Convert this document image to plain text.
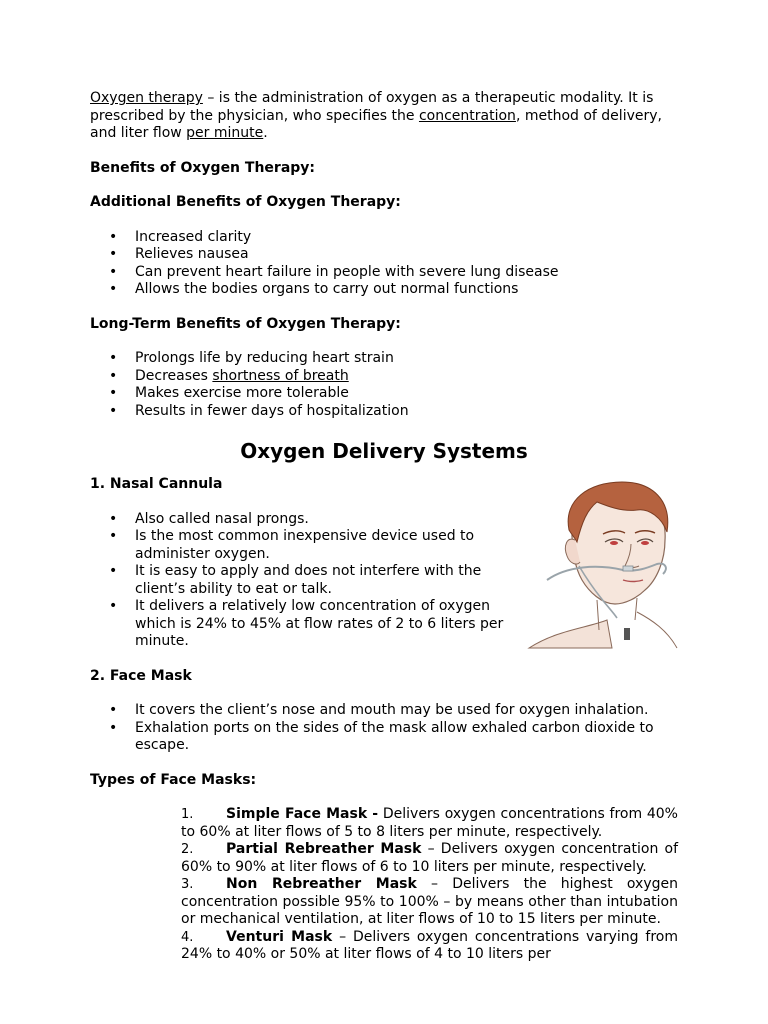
Oxygen therapy – is the administration of oxygen as a therapeutic modality. It is prescribed by the physician, who specifies the concentration, method of delivery, and liter flow per minute.

Benefits of Oxygen Therapy:

Additional Benefits of Oxygen Therapy:

• Increased clarity
• Relieves nausea
• Can prevent heart failure in people with severe lung disease
• Allows the bodies organs to carry out normal functions

Long-Term Benefits of Oxygen Therapy:

• Prolongs life by reducing heart strain
• Decreases shortness of breath
• Makes exercise more tolerable
• Results in fewer days of hospitalization

Oxygen Delivery Systems

1. Nasal Cannula

• Also called nasal prongs.
• Is the most common inexpensive device used to administer oxygen.
• It is easy to apply and does not interfere with the client’s ability to eat or talk.
• It delivers a relatively low concentration of oxygen which is 24% to 45% at flow rates of 2 to 6 liters per minute.

2. Face Mask

• It covers the client’s nose and mouth may be used for oxygen inhalation.
• Exhalation ports on the sides of the mask allow exhaled carbon dioxide to escape.

Types of Face Masks:

1. Simple Face Mask - Delivers oxygen concentrations from 40% to 60% at liter flows of 5 to 8 liters per minute, respectively.
2. Partial Rebreather Mask – Delivers oxygen concentration of 60% to 90% at liter flows of 6 to 10 liters per minute, respectively.
3. Non Rebreather Mask – Delivers the highest oxygen concentration possible 95% to 100% – by means other than intubation or mechanical ventilation, at liter flows of 10 to 15 liters per minute.
4. Venturi Mask – Delivers oxygen concentrations varying from 24% to 40% or 50% at liter flows of 4 to 10 liters per
